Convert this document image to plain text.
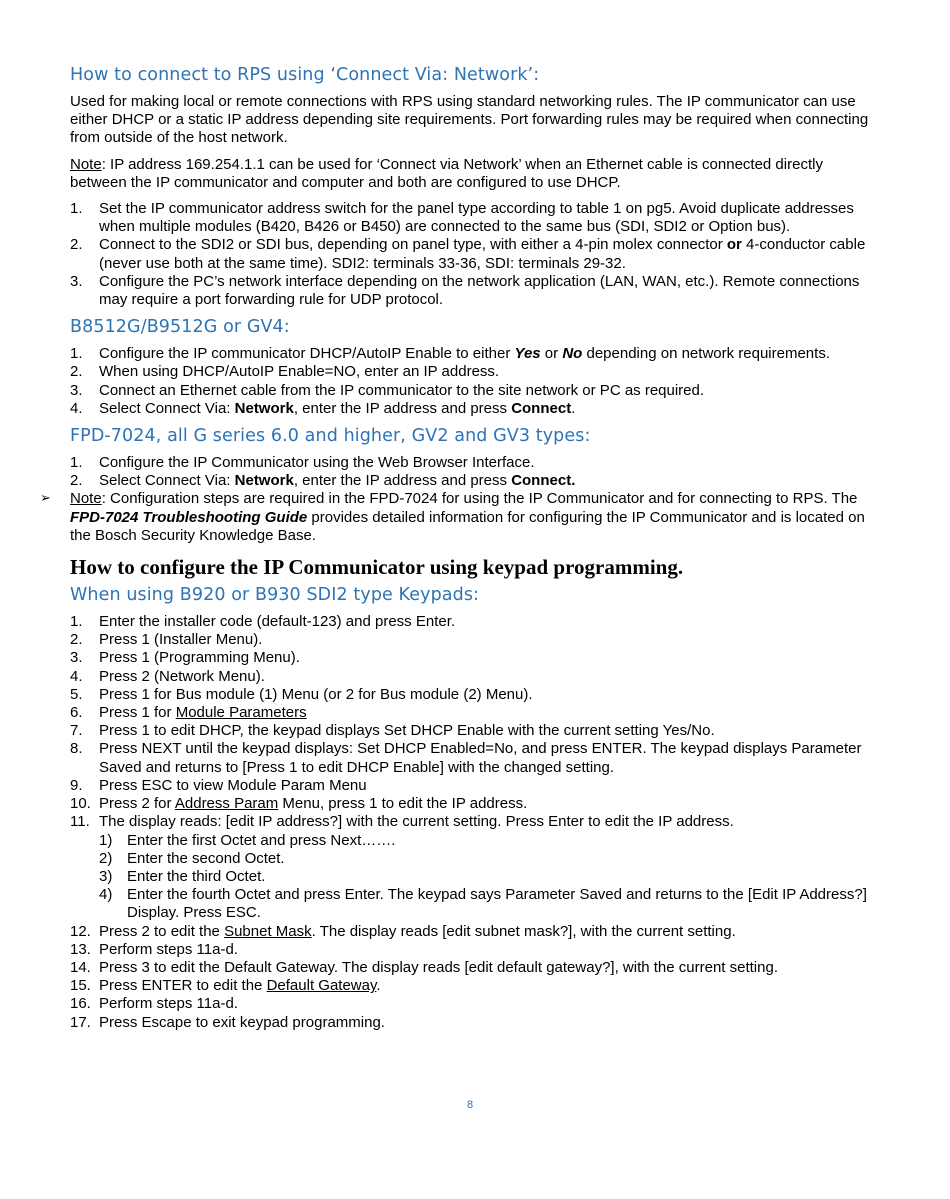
How to connect to RPS using ‘Connect Via: Network’:

Used for making local or remote connections with RPS using standard networking rules. The IP communicator can use either DHCP or a static IP address depending site requirements. Port forwarding rules may be required when connecting from outside of the host network.

Note: IP address 169.254.1.1 can be used for ‘Connect via Network’ when an Ethernet cable is connected directly between the IP communicator and computer and both are configured to use DHCP.

1. Set the IP communicator address switch for the panel type according to table 1 on pg5. Avoid duplicate addresses when multiple modules (B420, B426 or B450) are connected to the same bus (SDI, SDI2 or Option bus).
2. Connect to the SDI2 or SDI bus, depending on panel type, with either a 4-pin molex connector or 4-conductor cable (never use both at the same time). SDI2: terminals 33-36, SDI: terminals 29-32.
3. Configure the PC’s network interface depending on the network application (LAN, WAN, etc.). Remote connections may require a port forwarding rule for UDP protocol.
B8512G/B9512G or GV4:
1. Configure the IP communicator DHCP/AutoIP Enable to either Yes or No depending on network requirements.
2. When using DHCP/AutoIP Enable=NO, enter an IP address.
3. Connect an Ethernet cable from the IP communicator to the site network or PC as required.
4. Select Connect Via: Network, enter the IP address and press Connect.
FPD-7024, all G series 6.0 and higher, GV2 and GV3 types:
1. Configure the IP Communicator using the Web Browser Interface.
2. Select Connect Via: Network, enter the IP address and press Connect.
➢ Note: Configuration steps are required in the FPD-7024 for using the IP Communicator and for connecting to RPS. The FPD-7024 Troubleshooting Guide provides detailed information for configuring the IP Communicator and is located on the Bosch Security Knowledge Base.
How to configure the IP Communicator using keypad programming.
When using B920 or B930 SDI2 type Keypads:
1. Enter the installer code (default-123) and press Enter.
2. Press 1 (Installer Menu).
3. Press 1 (Programming Menu).
4. Press 2 (Network Menu).
5. Press 1 for Bus module (1) Menu (or 2 for Bus module (2) Menu).
6. Press 1 for Module Parameters
7. Press 1 to edit DHCP, the keypad displays Set DHCP Enable with the current setting Yes/No.
8. Press NEXT until the keypad displays: Set DHCP Enabled=No, and press ENTER. The keypad displays Parameter Saved and returns to [Press 1 to edit DHCP Enable] with the changed setting.
9. Press ESC to view Module Param Menu
10. Press 2 for Address Param Menu, press 1 to edit the IP address.
11. The display reads: [edit IP address?] with the current setting. Press Enter to edit the IP address.
1) Enter the first Octet and press Next…….
2) Enter the second Octet.
3) Enter the third Octet.
4) Enter the fourth Octet and press Enter. The keypad says Parameter Saved and returns to the [Edit IP Address?] Display. Press ESC.
12. Press 2 to edit the Subnet Mask. The display reads [edit subnet mask?], with the current setting.
13. Perform steps 11a-d.
14. Press 3 to edit the Default Gateway. The display reads [edit default gateway?], with the current setting.
15. Press ENTER to edit the Default Gateway.
16. Perform steps 11a-d.
17. Press Escape to exit keypad programming.
8
